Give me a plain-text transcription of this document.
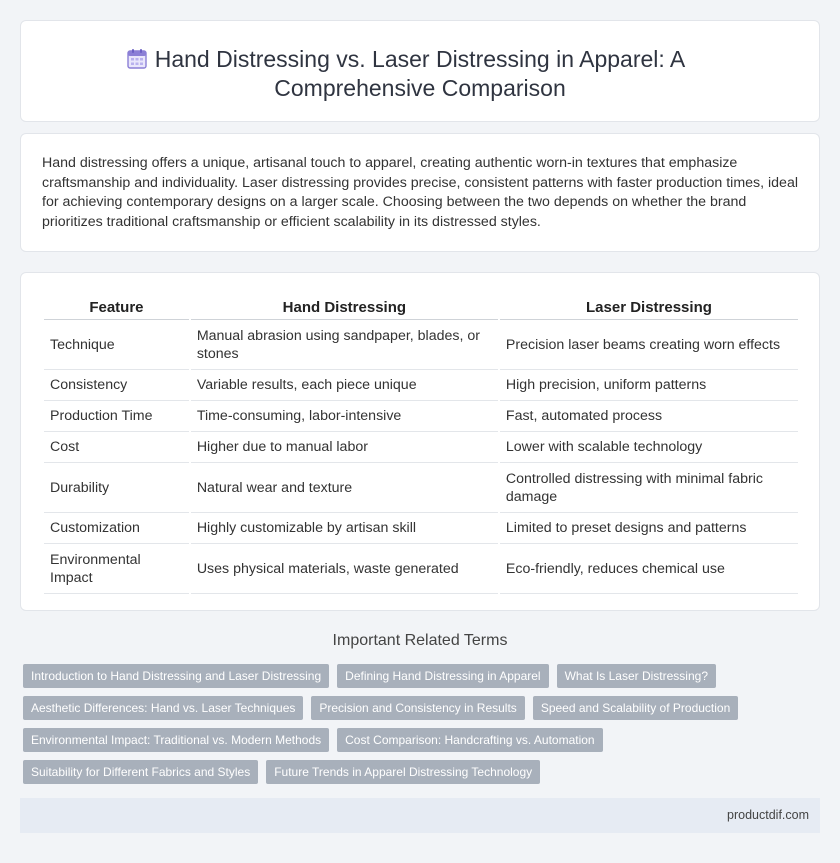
Hand Distressing vs. Laser Distressing in Apparel: A Comprehensive Comparison

Hand distressing offers a unique, artisanal touch to apparel, creating authentic worn-in textures that emphasize craftsmanship and individuality. Laser distressing provides precise, consistent patterns with faster production times, ideal for achieving contemporary designs on a larger scale. Choosing between the two depends on whether the brand prioritizes traditional craftsmanship or efficient scalability in its distressed styles.

Feature	Hand Distressing	Laser Distressing
Technique	Manual abrasion using sandpaper, blades, or stones	Precision laser beams creating worn effects
Consistency	Variable results, each piece unique	High precision, uniform patterns
Production Time	Time-consuming, labor-intensive	Fast, automated process
Cost	Higher due to manual labor	Lower with scalable technology
Durability	Natural wear and texture	Controlled distressing with minimal fabric damage
Customization	Highly customizable by artisan skill	Limited to preset designs and patterns
Environmental Impact	Uses physical materials, waste generated	Eco-friendly, reduces chemical use
Important Related Terms
Introduction to Hand Distressing and Laser Distressing	Defining Hand Distressing in Apparel	What Is Laser Distressing?
Aesthetic Differences: Hand vs. Laser Techniques	Precision and Consistency in Results	Speed and Scalability of Production
Environmental Impact: Traditional vs. Modern Methods	Cost Comparison: Handcrafting vs. Automation
Suitability for Different Fabrics and Styles	Future Trends in Apparel Distressing Technology
productdif.com
